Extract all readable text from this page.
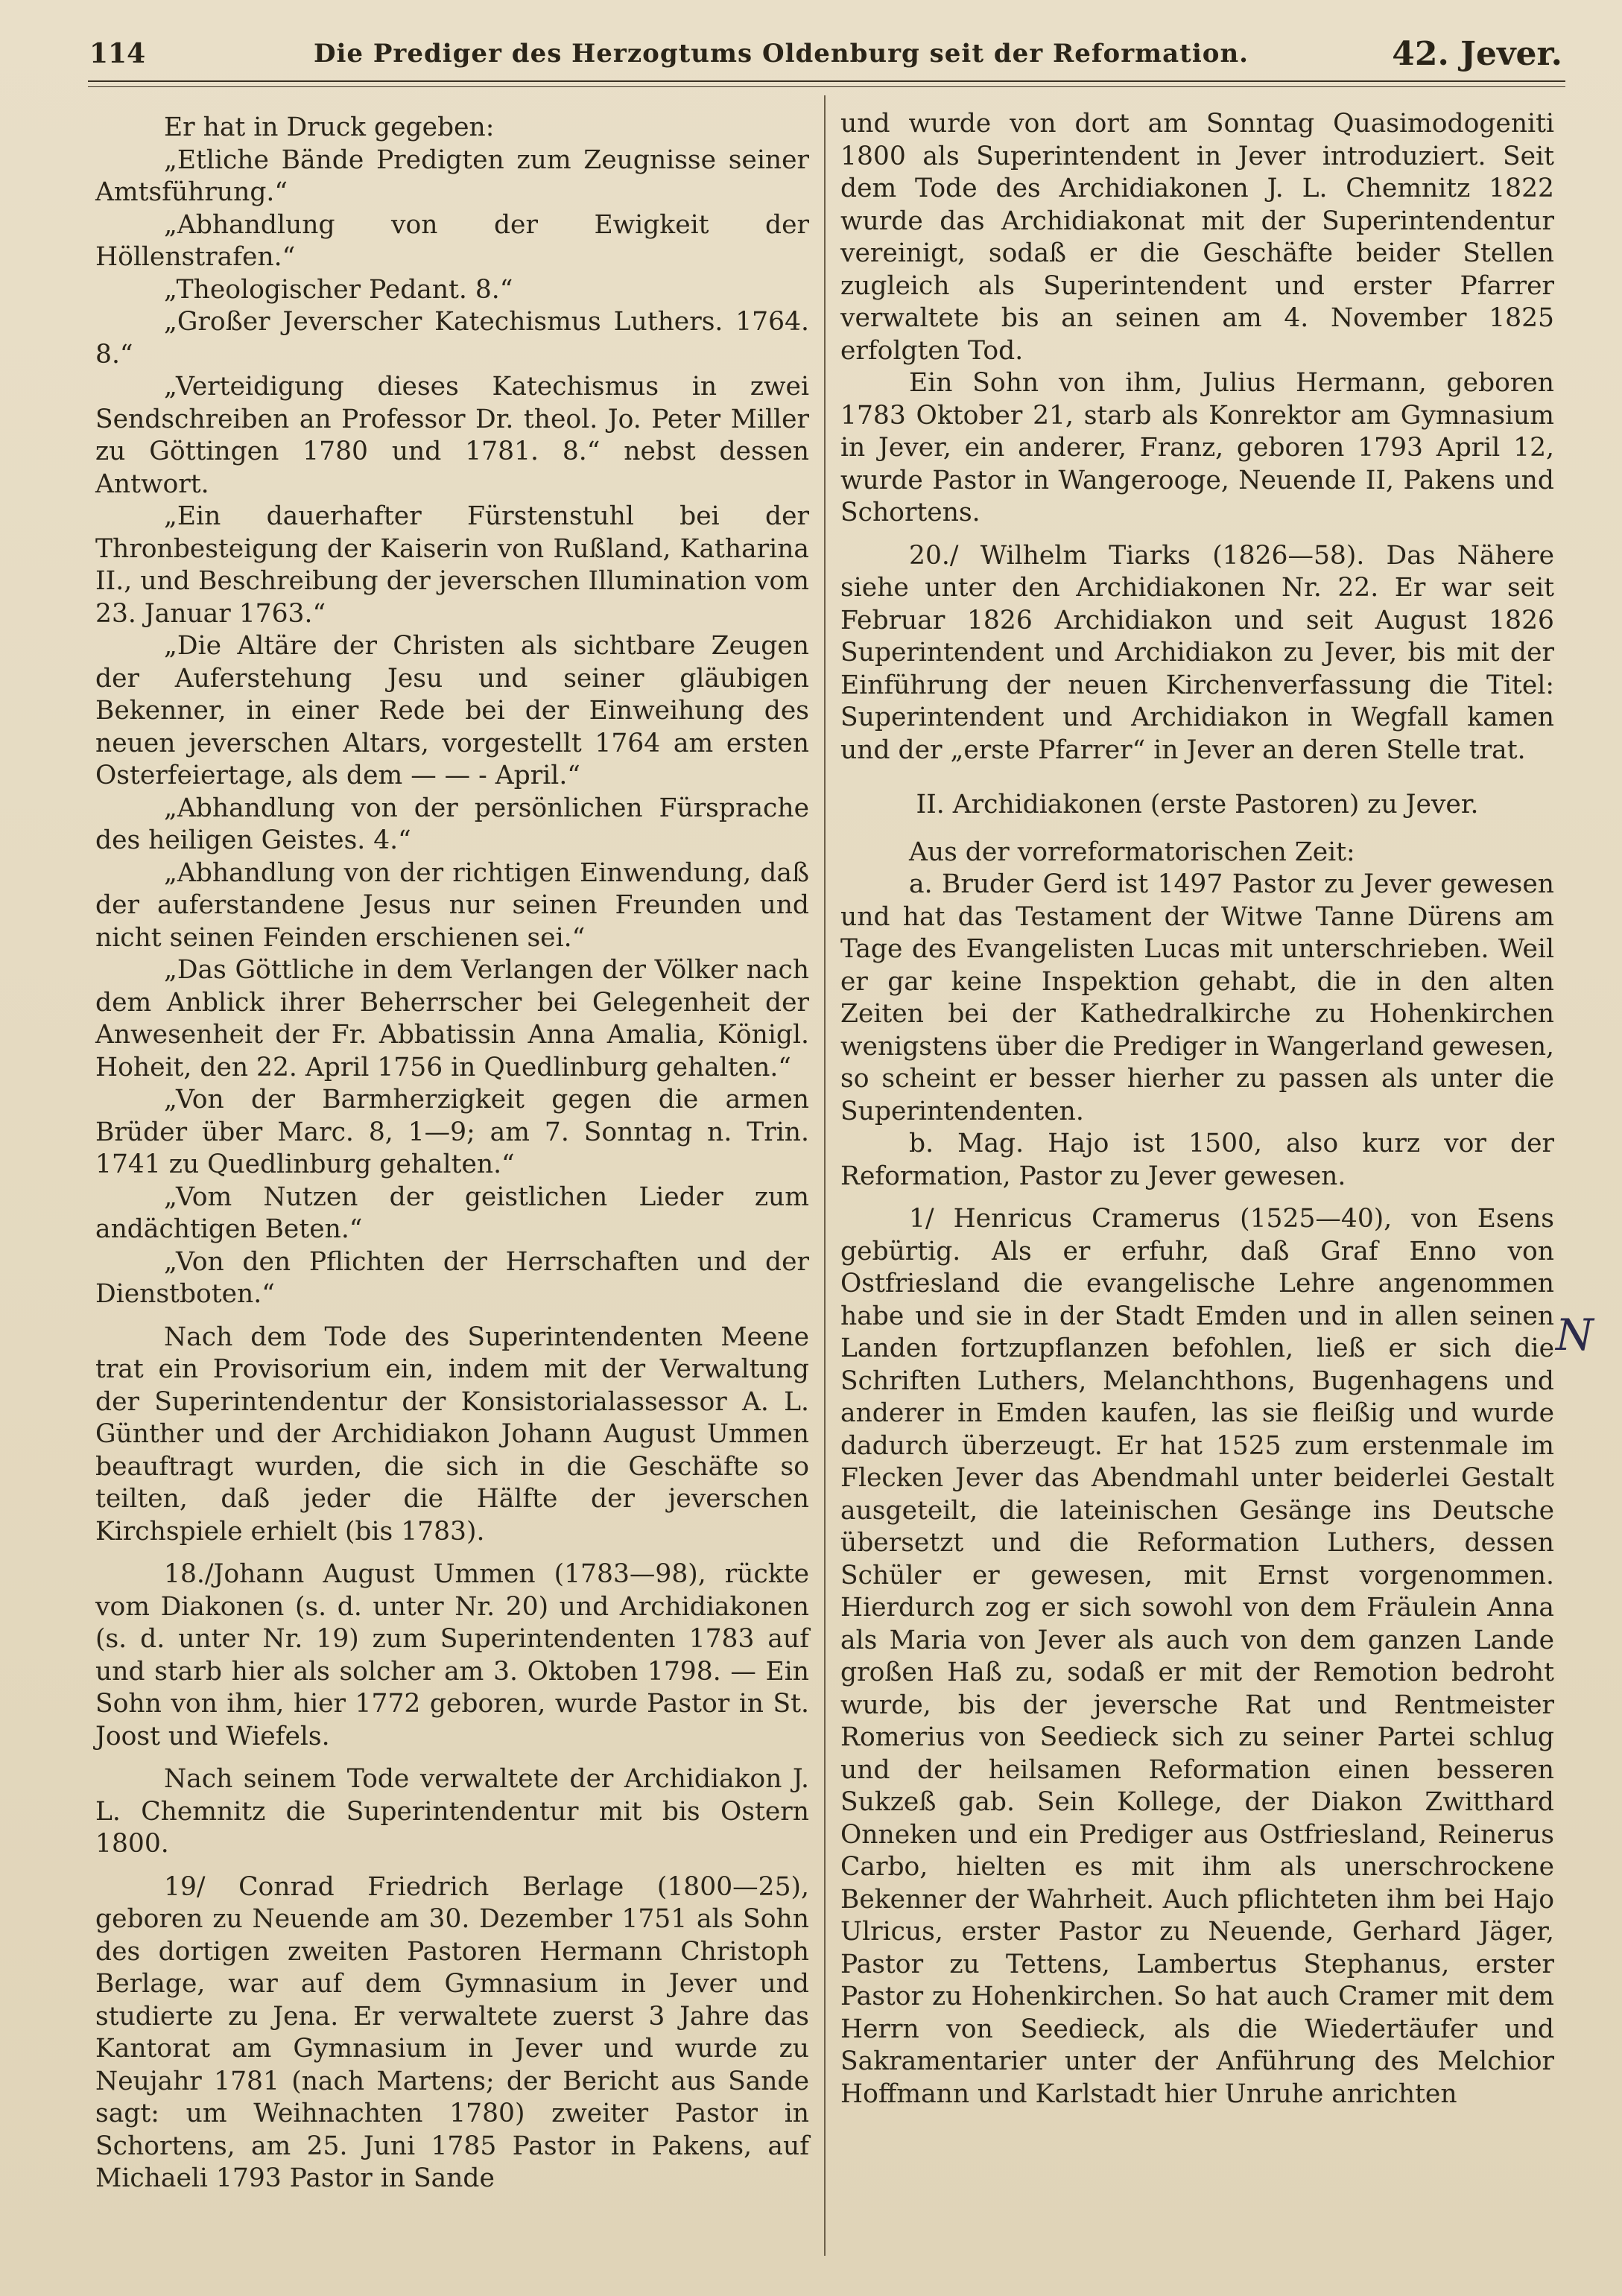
114	Die Prediger des Herzogtums Oldenburg seit der Reformation.	42. Jever.

Er hat in Druck gegeben:

„Etliche Bände Predigten zum Zeugnisse seiner Amtsführung.“

„Abhandlung von der Ewigkeit der Höllenstrafen.“

„Theologischer Pedant. 8.“

„Großer Jeverscher Katechismus Luthers. 1764. 8.“

„Verteidigung dieses Katechismus in zwei Sendschreiben an Professor Dr. theol. Jo. Peter Miller zu Göttingen 1780 und 1781. 8.“ nebst dessen Antwort.

„Ein dauerhafter Fürstenstuhl bei der Thronbesteigung der Kaiserin von Rußland, Katharina II., und Beschreibung der jeverschen Illumination vom 23. Januar 1763.“

„Die Altäre der Christen als sichtbare Zeugen der Auferstehung Jesu und seiner gläubigen Bekenner, in einer Rede bei der Einweihung des neuen jeverschen Altars, vorgestellt 1764 am ersten Osterfeiertage, als dem — — - April.“

„Abhandlung von der persönlichen Fürsprache des heiligen Geistes. 4.“

„Abhandlung von der richtigen Einwendung, daß der auferstandene Jesus nur seinen Freunden und nicht seinen Feinden erschienen sei.“

„Das Göttliche in dem Verlangen der Völker nach dem Anblick ihrer Beherrscher bei Gelegenheit der Anwesenheit der Fr. Abbatissin Anna Amalia, Königl. Hoheit, den 22. April 1756 in Quedlinburg gehalten.“

„Von der Barmherzigkeit gegen die armen Brüder über Marc. 8, 1—9; am 7. Sonntag n. Trin. 1741 zu Quedlinburg gehalten.“

„Vom Nutzen der geistlichen Lieder zum andächtigen Beten.“

„Von den Pflichten der Herrschaften und der Dienstboten.“

Nach dem Tode des Superintendenten Meene trat ein Provisorium ein, indem mit der Verwaltung der Superintendentur der Konsistorialassessor A. L. Günther und der Archidiakon Johann August Ummen beauftragt wurden, die sich in die Geschäfte so teilten, daß jeder die Hälfte der jeverschen Kirchspiele erhielt (bis 1783).

18./Johann August Ummen (1783—98), rückte vom Diakonen (s. d. unter Nr. 20) und Archidiakonen (s. d. unter Nr. 19) zum Superintendenten 1783 auf und starb hier als solcher am 3. Oktoben 1798. — Ein Sohn von ihm, hier 1772 geboren, wurde Pastor in St. Joost und Wiefels.

Nach seinem Tode verwaltete der Archidiakon J. L. Chemnitz die Superintendentur mit bis Ostern 1800.

19/ Conrad Friedrich Berlage (1800—25), geboren zu Neuende am 30. Dezember 1751 als Sohn des dortigen zweiten Pastoren Hermann Christoph Berlage, war auf dem Gymnasium in Jever und studierte zu Jena. Er verwaltete zuerst 3 Jahre das Kantorat am Gymnasium in Jever und wurde zu Neujahr 1781 (nach Martens; der Bericht aus Sande sagt: um Weihnachten 1780) zweiter Pastor in Schortens, am 25. Juni 1785 Pastor in Pakens, auf Michaeli 1793 Pastor in Sande

und wurde von dort am Sonntag Quasimodogeniti 1800 als Superintendent in Jever introduziert. Seit dem Tode des Archidiakonen J. L. Chemnitz 1822 wurde das Archidiakonat mit der Superintendentur vereinigt, sodaß er die Geschäfte beider Stellen zugleich als Superintendent und erster Pfarrer verwaltete bis an seinen am 4. November 1825 erfolgten Tod.

Ein Sohn von ihm, Julius Hermann, geboren 1783 Oktober 21, starb als Konrektor am Gymnasium in Jever, ein anderer, Franz, geboren 1793 April 12, wurde Pastor in Wangerooge, Neuende II, Pakens und Schortens.

20./ Wilhelm Tiarks (1826—58). Das Nähere siehe unter den Archidiakonen Nr. 22. Er war seit Februar 1826 Archidiakon und seit August 1826 Superintendent und Archidiakon zu Jever, bis mit der Einführung der neuen Kirchenverfassung die Titel: Superintendent und Archidiakon in Wegfall kamen und der „erste Pfarrer“ in Jever an deren Stelle trat.

II. Archidiakonen (erste Pastoren) zu Jever.

Aus der vorreformatorischen Zeit:

a. Bruder Gerd ist 1497 Pastor zu Jever gewesen und hat das Testament der Witwe Tanne Dürens am Tage des Evangelisten Lucas mit unterschrieben. Weil er gar keine Inspektion gehabt, die in den alten Zeiten bei der Kathedralkirche zu Hohenkirchen wenigstens über die Prediger in Wangerland gewesen, so scheint er besser hierher zu passen als unter die Superintendenten.

b. Mag. Hajo ist 1500, also kurz vor der Reformation, Pastor zu Jever gewesen.

1/ Henricus Cramerus (1525—40), von Esens gebürtig. Als er erfuhr, daß Graf Enno von Ostfriesland die evangelische Lehre angenommen habe und sie in der Stadt Emden und in allen seinen Landen fortzupflanzen befohlen, ließ er sich die Schriften Luthers, Melanchthons, Bugenhagens und anderer in Emden kaufen, las sie fleißig und wurde dadurch überzeugt. Er hat 1525 zum erstenmale im Flecken Jever das Abendmahl unter beiderlei Gestalt ausgeteilt, die lateinischen Gesänge ins Deutsche übersetzt und die Reformation Luthers, dessen Schüler er gewesen, mit Ernst vorgenommen. Hierdurch zog er sich sowohl von dem Fräulein Anna als Maria von Jever als auch von dem ganzen Lande großen Haß zu, sodaß er mit der Remotion bedroht wurde, bis der jeversche Rat und Rentmeister Romerius von Seedieck sich zu seiner Partei schlug und der heilsamen Reformation einen besseren Sukzeß gab. Sein Kollege, der Diakon Zwitthard Onneken und ein Prediger aus Ostfriesland, Reinerus Carbo, hielten es mit ihm als unerschrockene Bekenner der Wahrheit. Auch pflichteten ihm bei Hajo Ulricus, erster Pastor zu Neuende, Gerhard Jäger, Pastor zu Tettens, Lambertus Stephanus, erster Pastor zu Hohenkirchen. So hat auch Cramer mit dem Herrn von Seedieck, als die Wiedertäufer und Sakramentarier unter der Anführung des Melchior Hoffmann und Karlstadt hier Unruhe anrichten

N
